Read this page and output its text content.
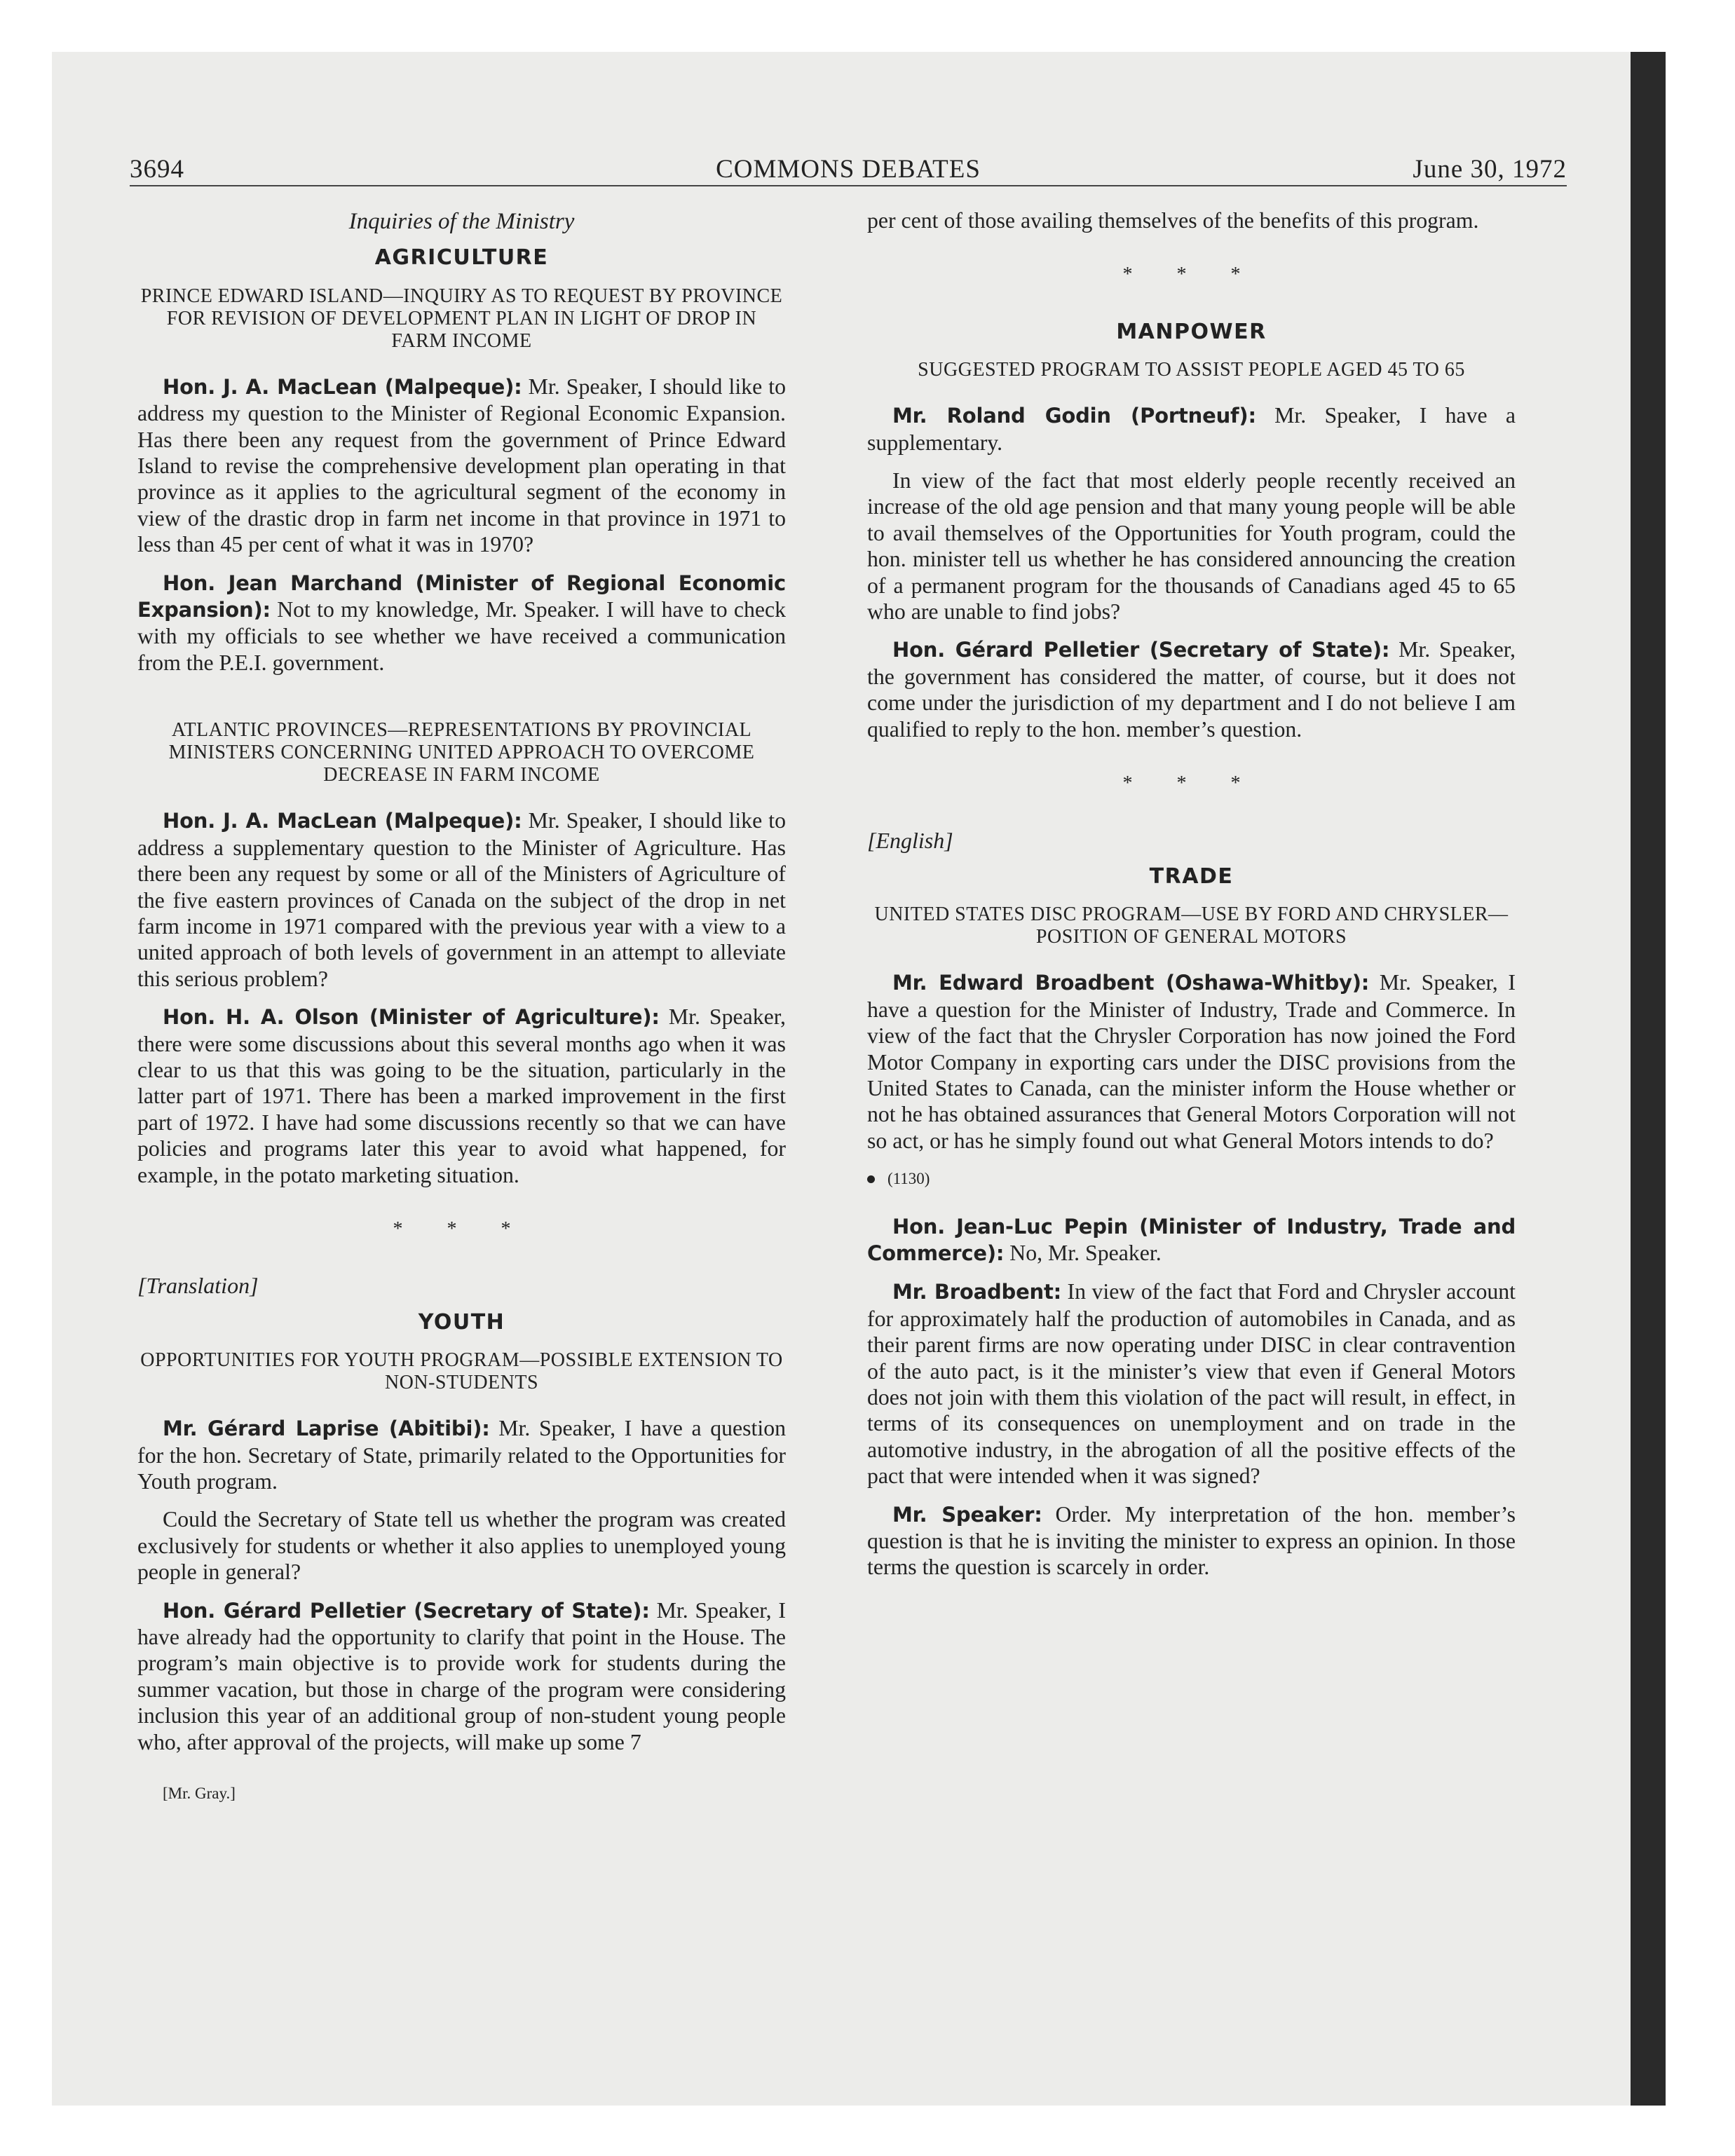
3694	COMMONS DEBATES	June 30, 1972
Inquiries of the Ministry
AGRICULTURE
PRINCE EDWARD ISLAND—INQUIRY AS TO REQUEST BY PROVINCE FOR REVISION OF DEVELOPMENT PLAN IN LIGHT OF DROP IN FARM INCOME

Hon. J. A. MacLean (Malpeque): Mr. Speaker, I should like to address my question to the Minister of Regional Economic Expansion. Has there been any request from the government of Prince Edward Island to revise the comprehensive development plan operating in that province as it applies to the agricultural segment of the economy in view of the drastic drop in farm net income in that province in 1971 to less than 45 per cent of what it was in 1970?

Hon. Jean Marchand (Minister of Regional Economic Expansion): Not to my knowledge, Mr. Speaker. I will have to check with my officials to see whether we have received a communication from the P.E.I. government.

ATLANTIC PROVINCES—REPRESENTATIONS BY PROVINCIAL MINISTERS CONCERNING UNITED APPROACH TO OVERCOME DECREASE IN FARM INCOME

Hon. J. A. MacLean (Malpeque): Mr. Speaker, I should like to address a supplementary question to the Minister of Agriculture. Has there been any request by some or all of the Ministers of Agriculture of the five eastern provinces of Canada on the subject of the drop in net farm income in 1971 compared with the previous year with a view to a united approach of both levels of government in an attempt to alleviate this serious problem?

Hon. H. A. Olson (Minister of Agriculture): Mr. Speaker, there were some discussions about this several months ago when it was clear to us that this was going to be the situation, particularly in the latter part of 1971. There has been a marked improvement in the first part of 1972. I have had some discussions recently so that we can have policies and programs later this year to avoid what happened, for example, in the potato marketing situation.

* * *
[Translation]
YOUTH
OPPORTUNITIES FOR YOUTH PROGRAM—POSSIBLE EXTENSION TO NON-STUDENTS

Mr. Gérard Laprise (Abitibi): Mr. Speaker, I have a question for the hon. Secretary of State, primarily related to the Opportunities for Youth program.

Could the Secretary of State tell us whether the program was created exclusively for students or whether it also applies to unemployed young people in general?

Hon. Gérard Pelletier (Secretary of State): Mr. Speaker, I have already had the opportunity to clarify that point in the House. The program’s main objective is to provide work for students during the summer vacation, but those in charge of the program were considering inclusion this year of an additional group of non-student young people who, after approval of the projects, will make up some 7

[Mr. Gray.]

per cent of those availing themselves of the benefits of this program.

* * *
MANPOWER
SUGGESTED PROGRAM TO ASSIST PEOPLE AGED 45 TO 65

Mr. Roland Godin (Portneuf): Mr. Speaker, I have a supplementary.

In view of the fact that most elderly people recently received an increase of the old age pension and that many young people will be able to avail themselves of the Opportunities for Youth program, could the hon. minister tell us whether he has considered announcing the creation of a permanent program for the thousands of Canadians aged 45 to 65 who are unable to find jobs?

Hon. Gérard Pelletier (Secretary of State): Mr. Speaker, the government has considered the matter, of course, but it does not come under the jurisdiction of my department and I do not believe I am qualified to reply to the hon. member’s question.

* * *
[English]
TRADE
UNITED STATES DISC PROGRAM—USE BY FORD AND CHRYSLER—POSITION OF GENERAL MOTORS

Mr. Edward Broadbent (Oshawa-Whitby): Mr. Speaker, I have a question for the Minister of Industry, Trade and Commerce. In view of the fact that the Chrysler Corporation has now joined the Ford Motor Company in exporting cars under the DISC provisions from the United States to Canada, can the minister inform the House whether or not he has obtained assurances that General Motors Corporation will not so act, or has he simply found out what General Motors intends to do?

(1130)

Hon. Jean-Luc Pepin (Minister of Industry, Trade and Commerce): No, Mr. Speaker.

Mr. Broadbent: In view of the fact that Ford and Chrysler account for approximately half the production of automobiles in Canada, and as their parent firms are now operating under DISC in clear contravention of the auto pact, is it the minister’s view that even if General Motors does not join with them this violation of the pact will result, in effect, in terms of its consequences on unemployment and on trade in the automotive industry, in the abrogation of all the positive effects of the pact that were intended when it was signed?

Mr. Speaker: Order. My interpretation of the hon. member’s question is that he is inviting the minister to express an opinion. In those terms the question is scarcely in order.
